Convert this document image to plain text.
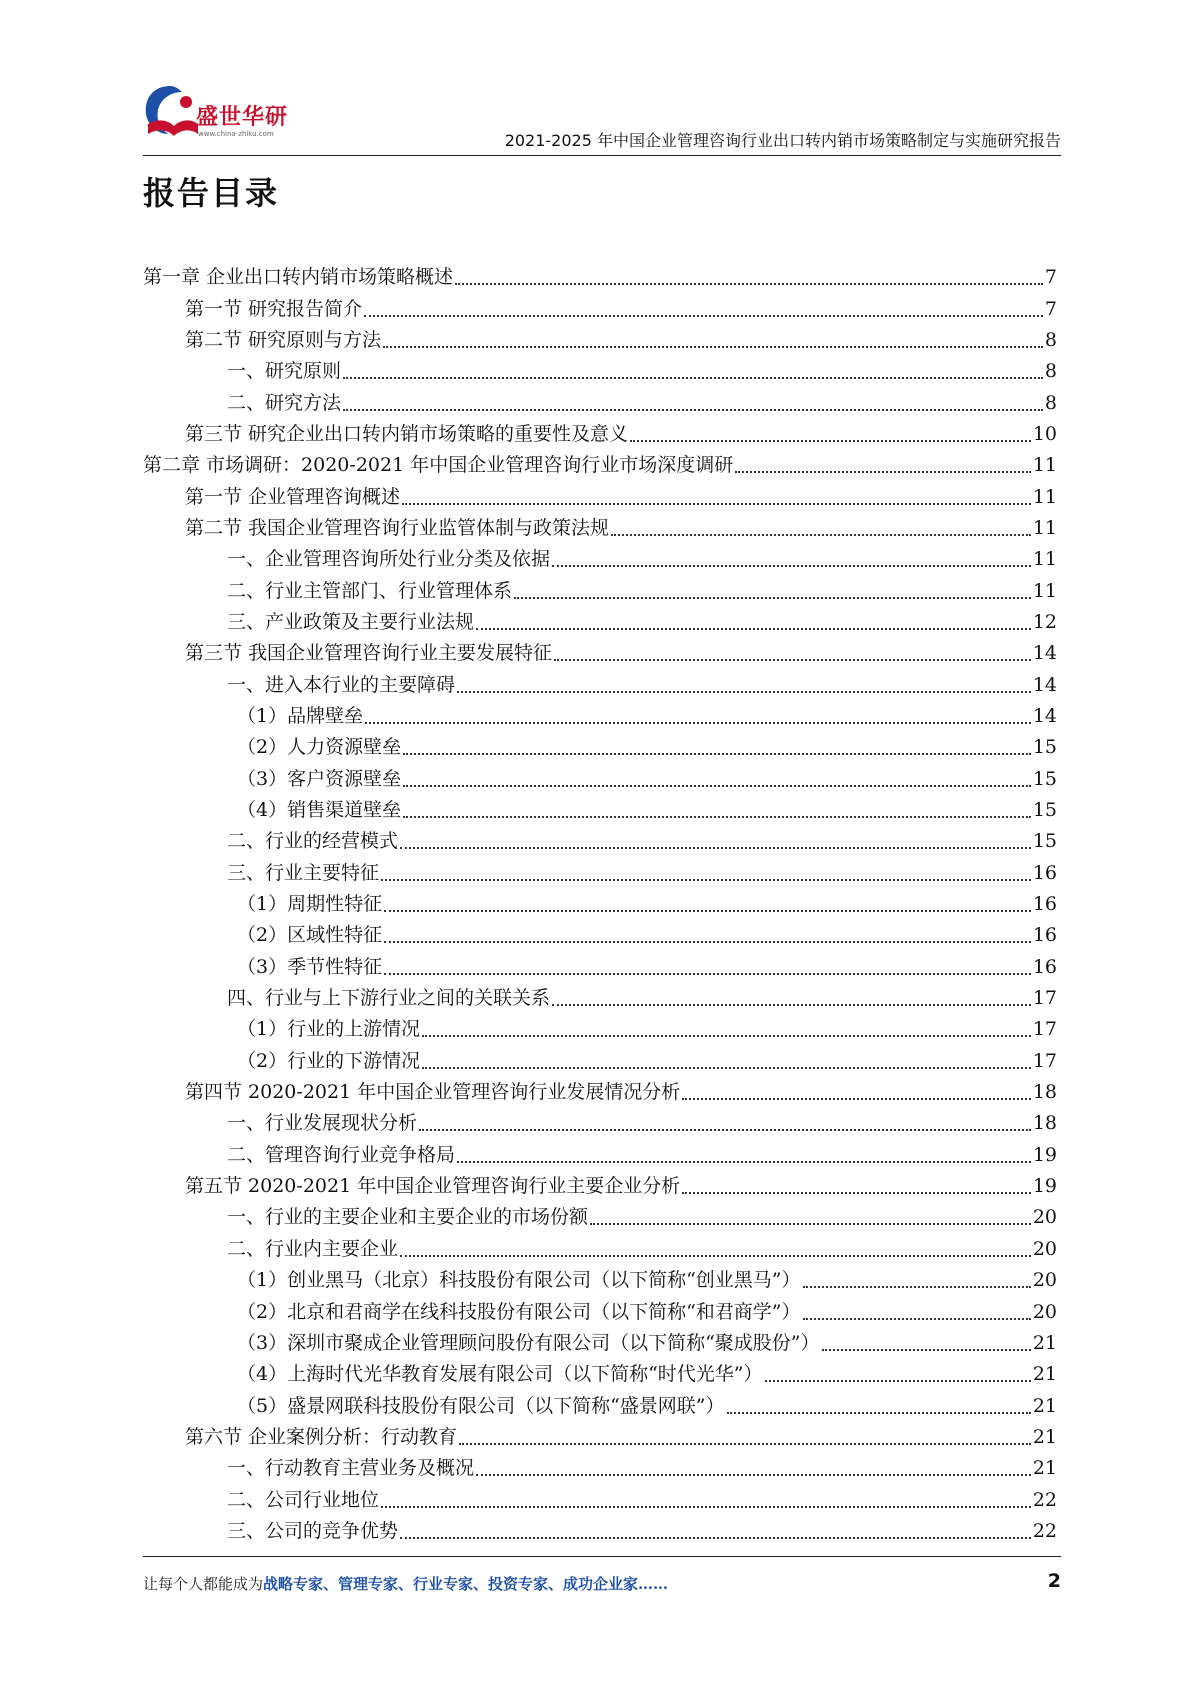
盛世华研
www.china-zhiku.com	2021-2025 年中国企业管理咨询行业出口转内销市场策略制定与实施研究报告
报告目录
第一章 企业出口转内销市场策略概述	7
第一节 研究报告简介	7
第二节 研究原则与方法	8
一、研究原则	8
二、研究方法	8
第三节 研究企业出口转内销市场策略的重要性及意义	10
第二章 市场调研：2020-2021 年中国企业管理咨询行业市场深度调研	11
第一节 企业管理咨询概述	11
第二节 我国企业管理咨询行业监管体制与政策法规	11
一、企业管理咨询所处行业分类及依据	11
二、行业主管部门、行业管理体系	11
三、产业政策及主要行业法规	12
第三节 我国企业管理咨询行业主要发展特征	14
一、进入本行业的主要障碍	14
（1）品牌壁垒	14
（2）人力资源壁垒	15
（3）客户资源壁垒	15
（4）销售渠道壁垒	15
二、行业的经营模式	15
三、行业主要特征	16
（1）周期性特征	16
（2）区域性特征	16
（3）季节性特征	16
四、行业与上下游行业之间的关联关系	17
（1）行业的上游情况	17
（2）行业的下游情况	17
第四节 2020-2021 年中国企业管理咨询行业发展情况分析	18
一、行业发展现状分析	18
二、管理咨询行业竞争格局	19
第五节 2020-2021 年中国企业管理咨询行业主要企业分析	19
一、行业的主要企业和主要企业的市场份额	20
二、行业内主要企业	20
（1）创业黑马（北京）科技股份有限公司（以下简称“创业黑马”）	20
（2）北京和君商学在线科技股份有限公司（以下简称“和君商学”）	20
（3）深圳市聚成企业管理顾问股份有限公司（以下简称“聚成股份”）	21
（4）上海时代光华教育发展有限公司（以下简称“时代光华”）	21
（5）盛景网联科技股份有限公司（以下简称“盛景网联”）	21
第六节 企业案例分析：行动教育	21
一、行动教育主营业务及概况	21
二、公司行业地位	22
三、公司的竞争优势	22
让每个人都能成为战略专家、管理专家、行业专家、投资专家、成功企业家……	2
